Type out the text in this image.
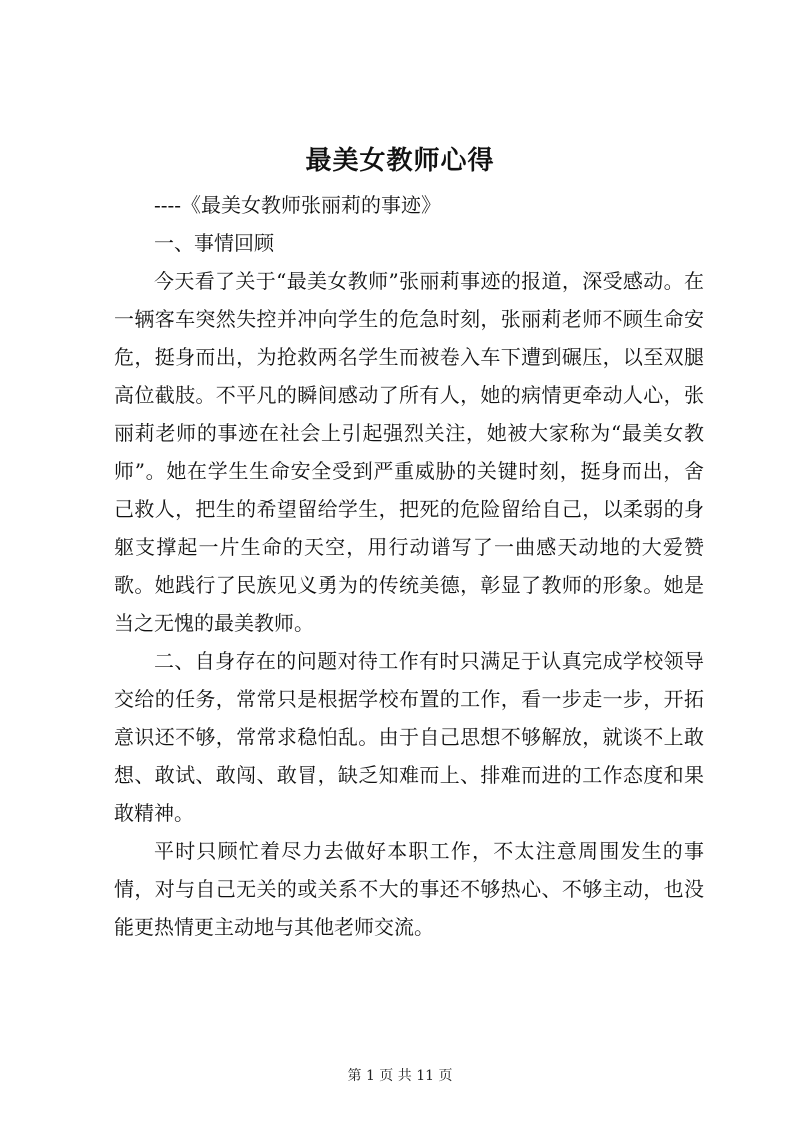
最美女教师心得

----《最美女教师张丽莉的事迹》

一、事情回顾

今天看了关于“最美女教师”张丽莉事迹的报道，深受感动。在一辆客车突然失控并冲向学生的危急时刻，张丽莉老师不顾生命安危，挺身而出，为抢救两名学生而被卷入车下遭到碾压，以至双腿高位截肢。不平凡的瞬间感动了所有人，她的病情更牵动人心，张丽莉老师的事迹在社会上引起强烈关注，她被大家称为“最美女教师”。她在学生生命安全受到严重威胁的关键时刻，挺身而出，舍己救人，把生的希望留给学生，把死的危险留给自己，以柔弱的身躯支撑起一片生命的天空，用行动谱写了一曲感天动地的大爱赞歌。她践行了民族见义勇为的传统美德，彰显了教师的形象。她是当之无愧的最美教师。

二、自身存在的问题对待工作有时只满足于认真完成学校领导交给的任务，常常只是根据学校布置的工作，看一步走一步，开拓意识还不够，常常求稳怕乱。由于自己思想不够解放，就谈不上敢想、敢试、敢闯、敢冒，缺乏知难而上、排难而进的工作态度和果敢精神。

平时只顾忙着尽力去做好本职工作，不太注意周围发生的事情，对与自己无关的或关系不大的事还不够热心、不够主动，也没能更热情更主动地与其他老师交流。

第 1 页 共 11 页
